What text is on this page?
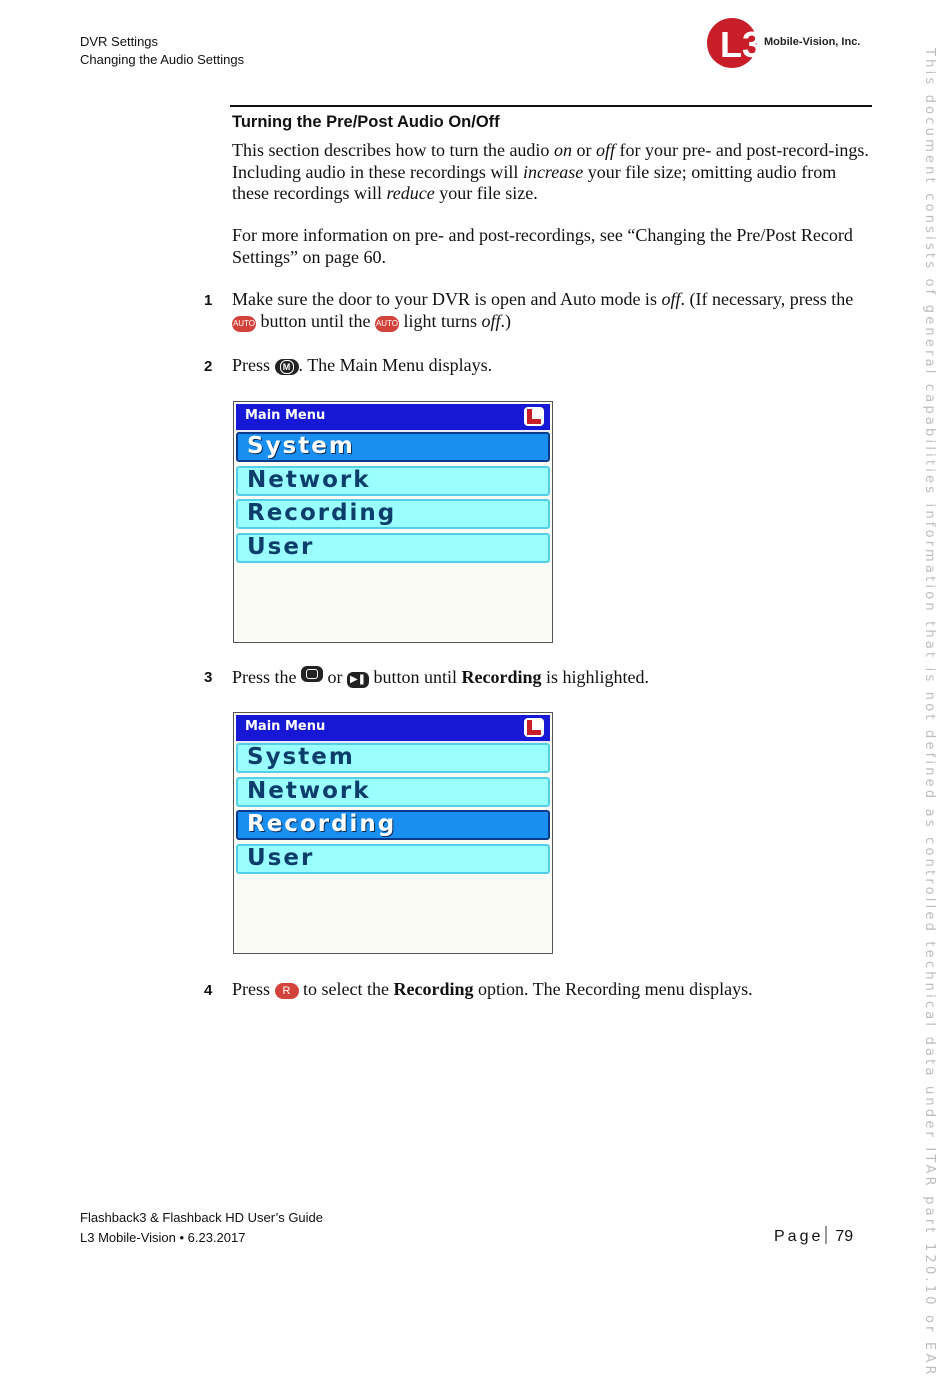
DVR Settings
Changing the Audio Settings	L3 Mobile-Vision, Inc.
Turning the Pre/Post Audio On/Off
This section describes how to turn the audio on or off for your pre- and post-record-ings. Including audio in these recordings will increase your file size; omitting audio from these recordings will reduce your file size.
For more information on pre- and post-recordings, see “Changing the Pre/Post Record Settings” on page 60.
1 Make sure the door to your DVR is open and Auto mode is off. (If necessary, press the AUTO button until the AUTO light turns off.)
2 Press M . The Main Menu displays.
Main Menu
System
Network
Recording
User
3 Press the
or ▶❚ button until Recording is highlighted.
Main Menu
System
Network
Recording
User
4 Press R to select the Recording option. The Recording menu displays.	This document consists of general capabilities information that is not defined as controlled technical data under ITAR part 120.10 or EAR
Flashback3 & Flashback HD User’s Guide
L3 Mobile-Vision • 6.23.2017	Page 79
